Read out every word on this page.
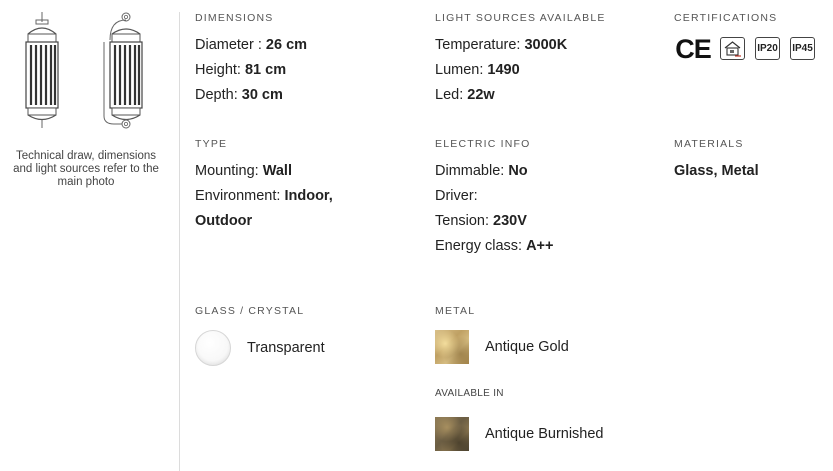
Technical draw, dimensions and light sources refer to the main photo
DIMENSIONS
Diameter : 26 cm
Height: 81 cm
Depth: 30 cm
LIGHT SOURCES AVAILABLE
Temperature: 3000K
Lumen: 1490
Led: 22w
CERTIFICATIONS
CE	IP20 IP45
TYPE
Mounting: Wall
Environment: Indoor, Outdoor
ELECTRIC INFO
Dimmable: No
Driver:
Tension: 230V
Energy class: A++
MATERIALS
Glass, Metal
GLASS / CRYSTAL
Transparent
METAL
Antique Gold
AVAILABLE IN
Antique Burnished
